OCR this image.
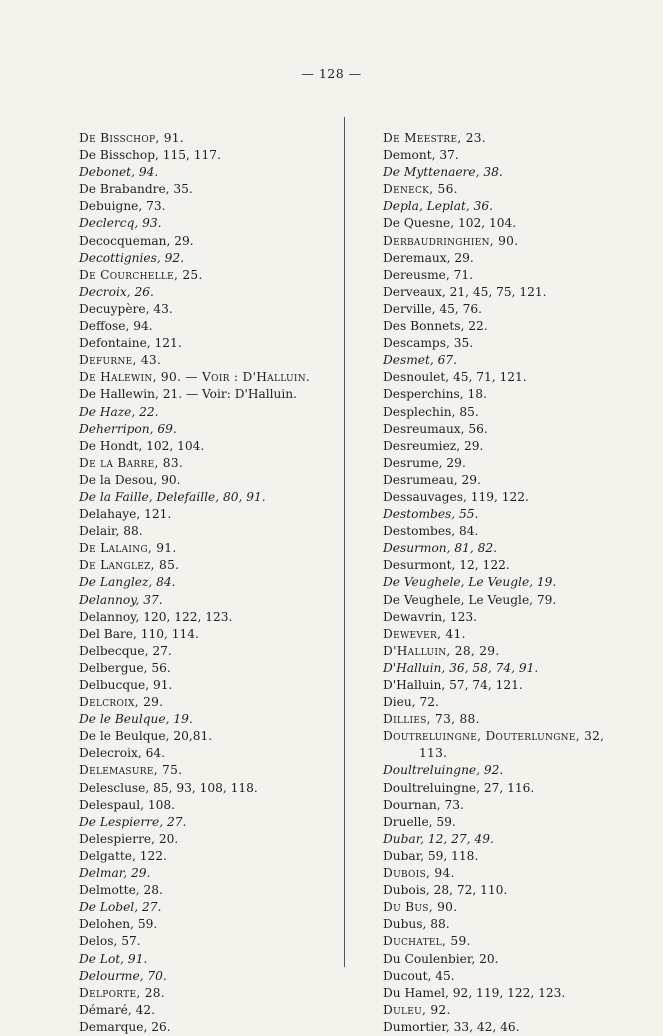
— 128 —
De Bisschop, 91.
De Bisschop, 115, 117.
Debonet, 94.
De Brabandre, 35.
Debuigne, 73.
Declercq, 93.
Decocqueman, 29.
Decottignies, 92.
De Courchelle, 25.
Decroix, 26.
Decuypère, 43.
Deffose, 94.
Defontaine, 121.
Defurne, 43.
De Halewin, 90. — Voir : D'Halluin.
De Hallewin, 21. — Voir: D'Halluin.
De Haze, 22.
Deherripon, 69.
De Hondt, 102, 104.
De la Barre, 83.
De la Desou, 90.
De la Faille, Delefaille, 80, 91.
Delahaye, 121.
Delair, 88.
De Lalaing, 91.
De Langlez, 85.
De Langlez, 84.
Delannoy, 37.
Delannoy, 120, 122, 123.
Del Bare, 110, 114.
Delbecque, 27.
Delbergue, 56.
Delbucque, 91.
Delcroix, 29.
De le Beulque, 19.
De le Beulque, 20,81.
Delecroix, 64.
Delemasure, 75.
Delescluse, 85, 93, 108, 118.
Delespaul, 108.
De Lespierre, 27.
Delespierre, 20.
Delgatte, 122.
Delmar, 29.
Delmotte, 28.
De Lobel, 27.
Delohen, 59.
Delos, 57.
De Lot, 91.
Delourme, 70.
Delporte, 28.
Démaré, 42.
Demarque, 26.
De Meestre, 23.
Demont, 37.
De Myttenaere, 38.
Deneck, 56.
Depla, Leplat, 36.
De Quesne, 102, 104.
Derbaudringhien, 90.
Deremaux, 29.
Dereusme, 71.
Derveaux, 21, 45, 75, 121.
Derville, 45, 76.
Des Bonnets, 22.
Descamps, 35.
Desmet, 67.
Desnoulet, 45, 71, 121.
Desperchins, 18.
Desplechin, 85.
Desreumaux, 56.
Desreumiez, 29.
Desrume, 29.
Desrumeau, 29.
Dessauvages, 119, 122.
Destombes, 55.
Destombes, 84.
Desurmon, 81, 82.
Desurmont, 12, 122.
De Veughele, Le Veugle, 19.
De Veughele, Le Veugle, 79.
Dewavrin, 123.
Dewever, 41.
D'Halluin, 28, 29.
D'Halluin, 36, 58, 74, 91.
D'Halluin, 57, 74, 121.
Dieu, 72.
Dillies, 73, 88.
Doutreluingne, Douterlungne, 32,
113.
Doultreluingne, 92.
Doultreluingne, 27, 116.
Dournan, 73.
Druelle, 59.
Dubar, 12, 27, 49.
Dubar, 59, 118.
Dubois, 94.
Dubois, 28, 72, 110.
Du Bus, 90.
Dubus, 88.
Duchatel, 59.
Du Coulenbier, 20.
Ducout, 45.
Du Hamel, 92, 119, 122, 123.
Duleu, 92.
Dumortier, 33, 42, 46.
